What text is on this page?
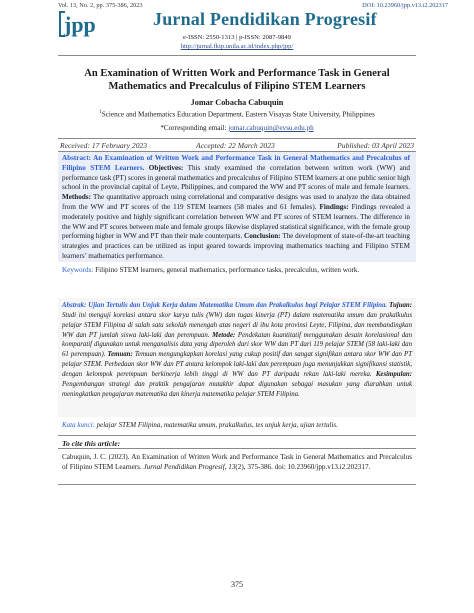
Vol. 13, No. 2, pp. 375-386, 2023	DOI: 10.23960/jpp.v13.i2.202317
jpp	Jurnal Pendidikan Progresif
e-ISSN: 2550-1313 | p-ISSN: 2087-9849
http://jurnal.fkip.unila.ac.id/index.php/jpp/
An Examination of Written Work and Performance Task in General
Mathematics and Precalculus of Filipino STEM Learners
Jomar Cobacha Cabuquin
$^1$Science and Mathematics Education Department, Eastern Visayas State University, Philippines
*Corresponding email: jomar.cabuquin@evsu.edu.ph
Received: 17 February 2023	Accepted: 22 March 2023	Published: 03 April 2023
Abstract: An Examination of Written Work and Performance Task in General Mathematics and Precalculus of Filipino STEM Learners. Objectives: This study examined the correlation between written work (WW) and performance task (PT) scores in general mathematics and precalculus of Filipino STEM learners at one public senior high school in the provincial capital of Leyte, Philippines, and compared the WW and PT scores of male and female learners. Methods: The quantitative approach using correlational and comparative designs was used to analyze the data obtained from the WW and PT scores of the 119 STEM learners (58 males and 61 females). Findings: Findings revealed a moderately positive and highly significant correlation between WW and PT scores of STEM learners. The difference in the WW and PT scores between male and female groups likewise displayed statistical significance, with the female group performing higher in WW and PT than their male counterparts. Conclusion: The development of state-of-the-art teaching strategies and practices can be utilized as input geared towards improving mathematics teaching and Filipino STEM learners’ mathematics performance.
Keywords: Filipino STEM learners, general mathematics, performance tasks, precalculus, written work.
Abstrak: Ujian Tertulis dan Unjuk Kerja dalam Matematika Umum dan Prakalkulus bagi Pelajar STEM Filipina. Tujuan: Studi ini menguji korelasi antara skor karya tulis (WW) dan tugas kinerja (PT) dalam matematika umum dan prakalkulus pelajar STEM Filipina di salah satu sekolah menengah atas negeri di ibu kota provinsi Leyte, Filipina, dan membandingkan WW dan PT jumlah siswa laki-laki dan perempuan. Metode: Pendekatan kuantitatif menggunakan desain korelasional dan komparatif digunakan untuk menganalisis data yang diperoleh dari skor WW dan PT dari 119 pelajar STEM (58 laki-laki dan 61 perempuan). Temuan: Temuan mengungkapkan korelasi yang cukup positif dan sangat signifikan antara skor WW dan PT pelajar STEM. Perbedaan skor WW dan PT antara kelompok laki-laki dan perempuan juga menunjukkan signifikansi statistik, dengan kelompok perempuan berkinerja lebih tinggi di WW dan PT daripada rekan laki-laki mereka. Kesimpulan: Pengembangan strategi dan praktik pengajaran mutakhir dapat digunakan sebagai masukan yang diarahkan untuk meningkatkan pengajaran matematika dan kinerja matematika pelajar STEM Filipina.
Kata kunci: pelajar STEM Filipina, matematika umum, prakalkulus, tes unjuk kerja, ujian tertulis.
To cite this article:
Cabuquin, J. C. (2023). An Examination of Written Work and Performance Task in General Mathematics and Precalculus of Filipino STEM Learners. Jurnal Pendidikan Progresif, 13(2), 375-386. doi: 10.23960/jpp.v13.i2.202317.
375
